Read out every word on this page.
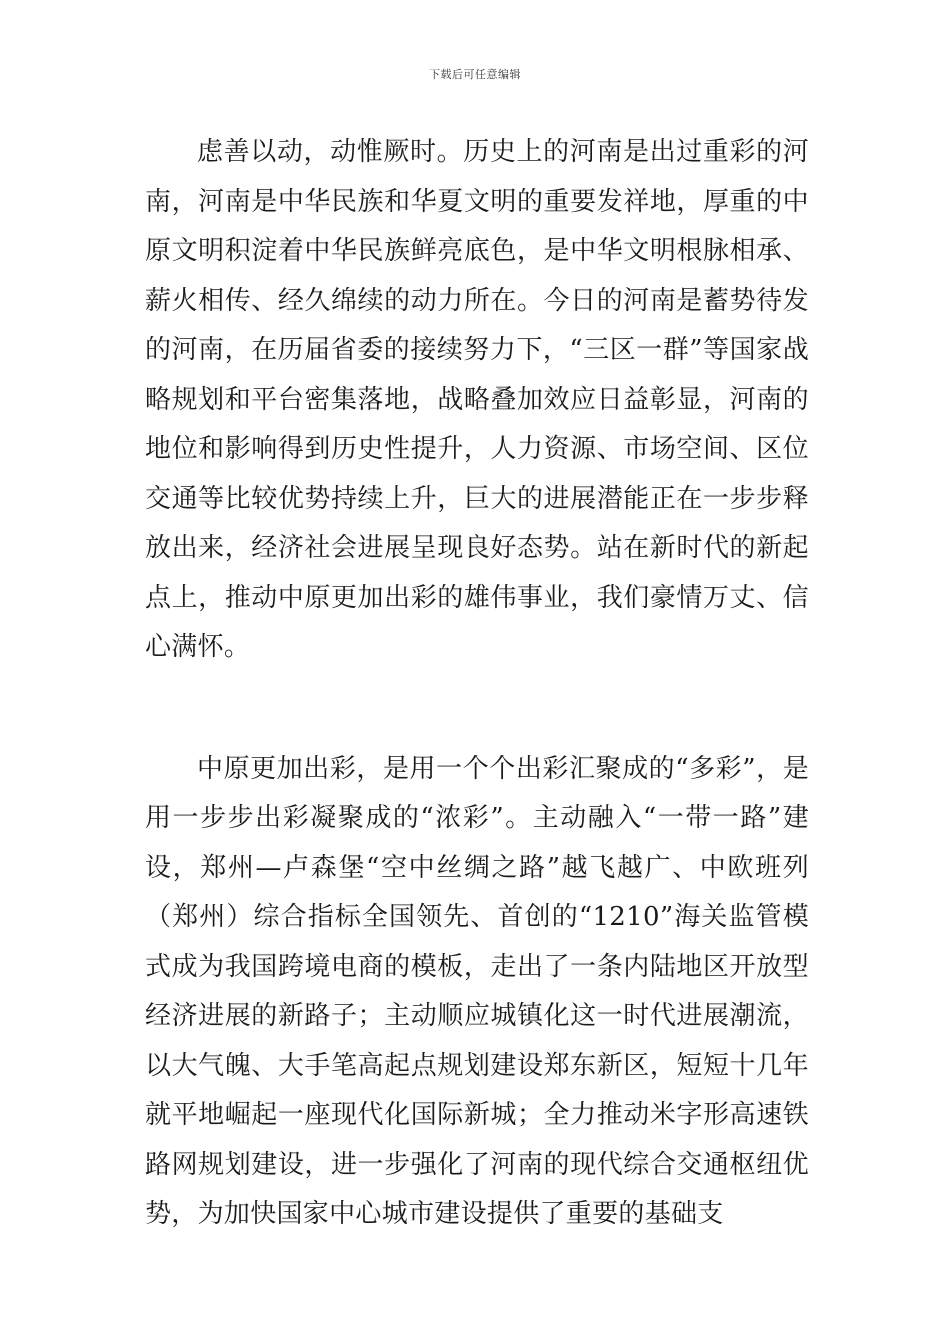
下载后可任意编辑

虑善以动，动惟厥时。历史上的河南是出过重彩的河南，河南是中华民族和华夏文明的重要发祥地，厚重的中原文明积淀着中华民族鲜亮底色，是中华文明根脉相承、薪火相传、经久绵续的动力所在。今日的河南是蓄势待发的河南，在历届省委的接续努力下，“三区一群”等国家战略规划和平台密集落地，战略叠加效应日益彰显，河南的地位和影响得到历史性提升，人力资源、市场空间、区位交通等比较优势持续上升，巨大的进展潜能正在一步步释放出来，经济社会进展呈现良好态势。站在新时代的新起点上，推动中原更加出彩的雄伟事业，我们豪情万丈、信心满怀。

中原更加出彩，是用一个个出彩汇聚成的“多彩”，是用一步步出彩凝聚成的“浓彩”。主动融入“一带一路”建设，郑州—卢森堡“空中丝绸之路”越飞越广、中欧班列（郑州）综合指标全国领先、首创的“1210”海关监管模式成为我国跨境电商的模板，走出了一条内陆地区开放型经济进展的新路子；主动顺应城镇化这一时代进展潮流，以大气魄、大手笔高起点规划建设郑东新区，短短十几年就平地崛起一座现代化国际新城；全力推动米字形高速铁路网规划建设，进一步强化了河南的现代综合交通枢纽优势，为加快国家中心城市建设提供了重要的基础支
